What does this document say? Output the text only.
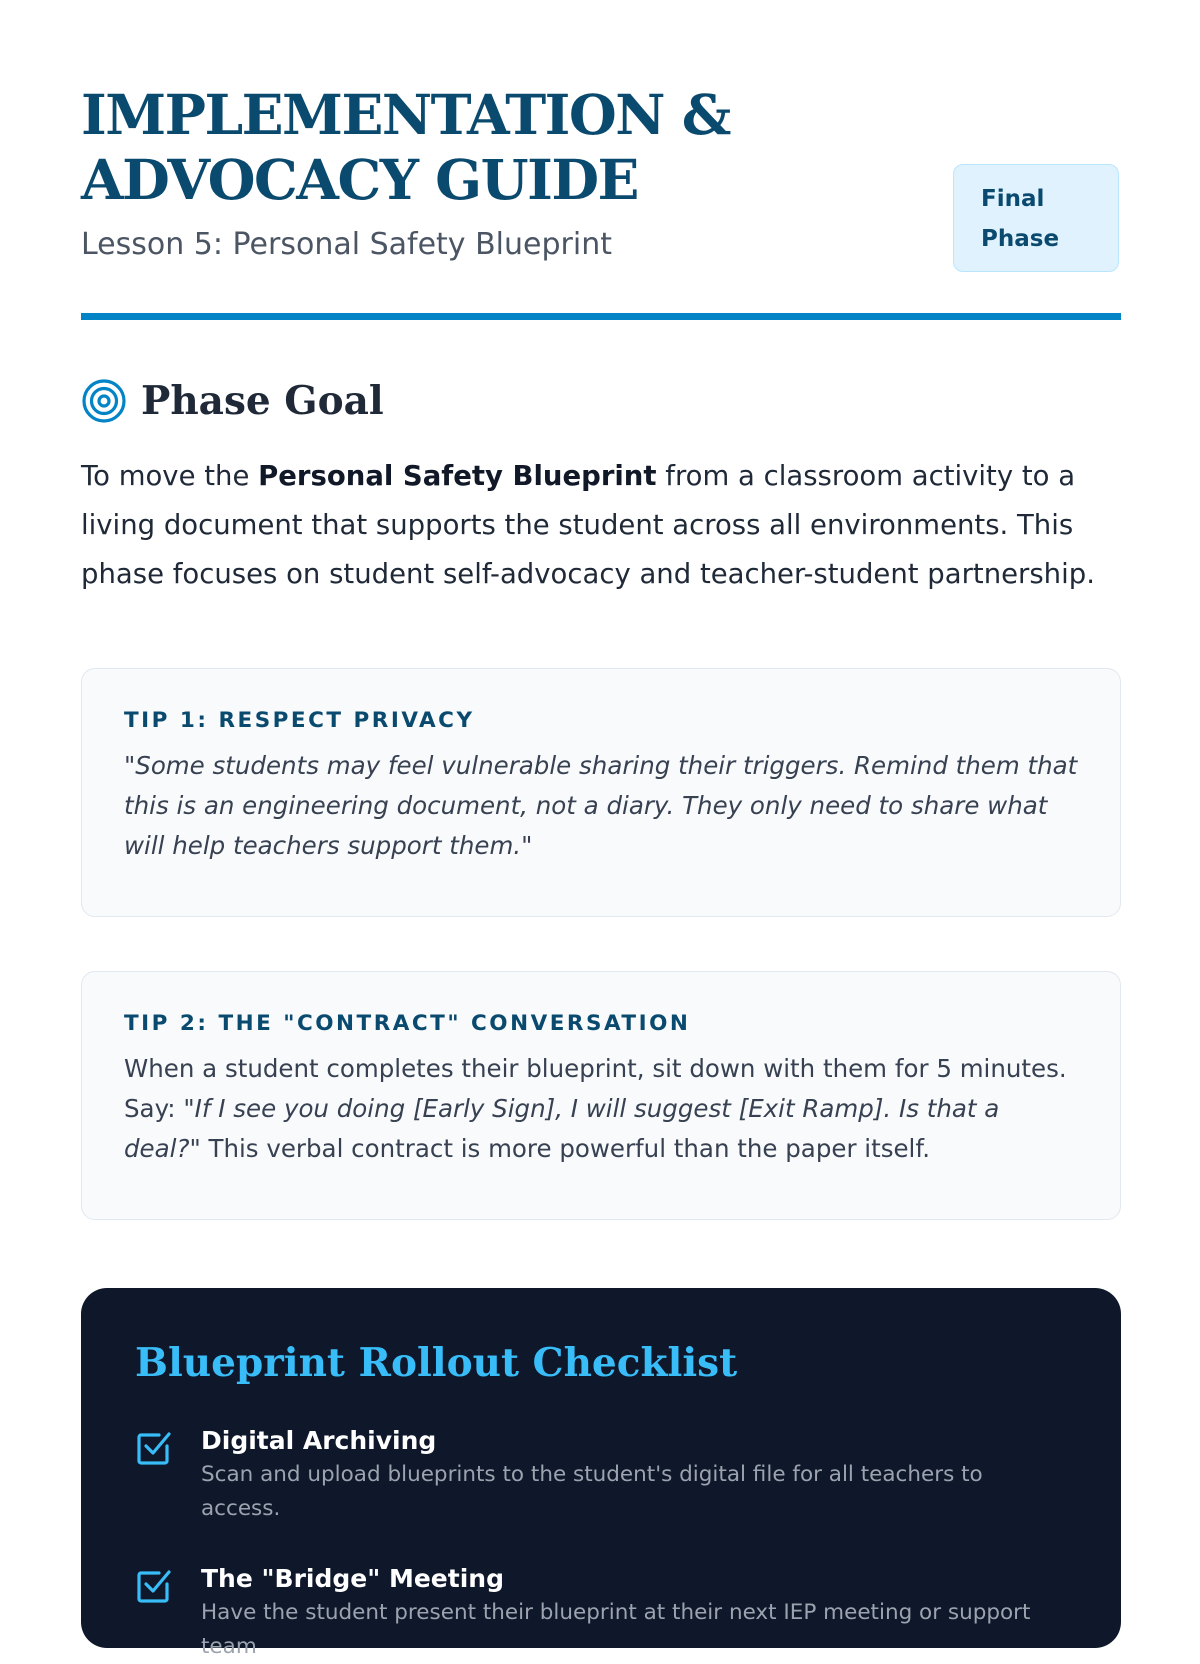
IMPLEMENTATION & ADVOCACY GUIDE

Lesson 5: Personal Safety Blueprint

Final
Phase
Phase Goal

To move the Personal Safety Blueprint from a classroom activity to a living document that supports the student across all environments. This phase focuses on student self-advocacy and teacher-student partnership.

TIP 1: RESPECT PRIVACY

"Some students may feel vulnerable sharing their triggers. Remind them that this is an engineering document, not a diary. They only need to share what will help teachers support them."

TIP 2: THE "CONTRACT" CONVERSATION

When a student completes their blueprint, sit down with them for 5 minutes. Say: "If I see you doing [Early Sign], I will suggest [Exit Ramp]. Is that a deal?" This verbal contract is more powerful than the paper itself.

Blueprint Rollout Checklist
Digital Archiving
Scan and upload blueprints to the student's digital file for all teachers to access.
The "Bridge" Meeting
Have the student present their blueprint at their next IEP meeting or support team
